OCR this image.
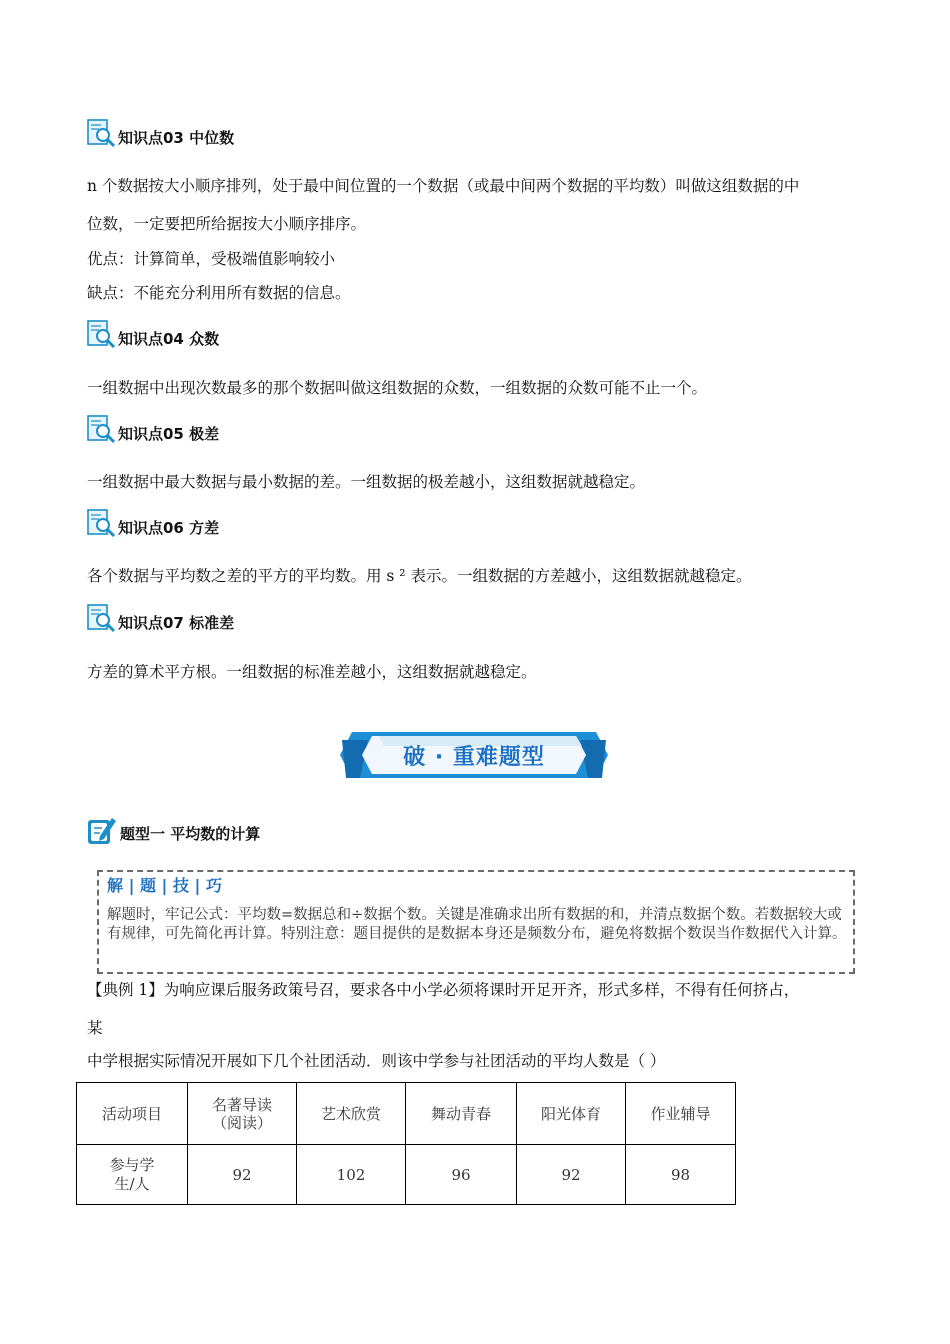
知识点03 中位数
n 个数据按大小顺序排列，处于最中间位置的一个数据（或最中间两个数据的平均数）叫做这组数据的中
位数，一定要把所给据按大小顺序排序。
优点：计算简单，受极端值影响较小
缺点：不能充分利用所有数据的信息。
知识点04 众数
一组数据中出现次数最多的那个数据叫做这组数据的众数，一组数据的众数可能不止一个。
知识点05 极差
一组数据中最大数据与最小数据的差。一组数据的极差越小，这组数据就越稳定。
知识点06 方差
各个数据与平均数之差的平方的平均数。用 s ² 表示。一组数据的方差越小，这组数据就越稳定。
知识点07 标准差
方差的算术平方根。一组数据的标准差越小，这组数据就越稳定。
破 · 重难题型
题型一 平均数的计算
解 | 题 | 技 | 巧
解题时，牢记公式：平均数=数据总和÷数据个数。关键是准确求出所有数据的和，并清点数据个数。若数据较大或有规律，可先简化再计算。特别注意：题目提供的是数据本身还是频数分布，避免将数据个数误当作数据代入计算。
【典例 1】为响应课后服务政策号召，要求各中小学必须将课时开足开齐，形式多样，不得有任何挤占，
某
中学根据实际情况开展如下几个社团活动．则该中学参与社团活动的平均人数是（ ）
活动项目	名著导读（阅读）	艺术欣赏	舞动青春	阳光体育	作业辅导

参与学生/人	92	102	96	92	98
